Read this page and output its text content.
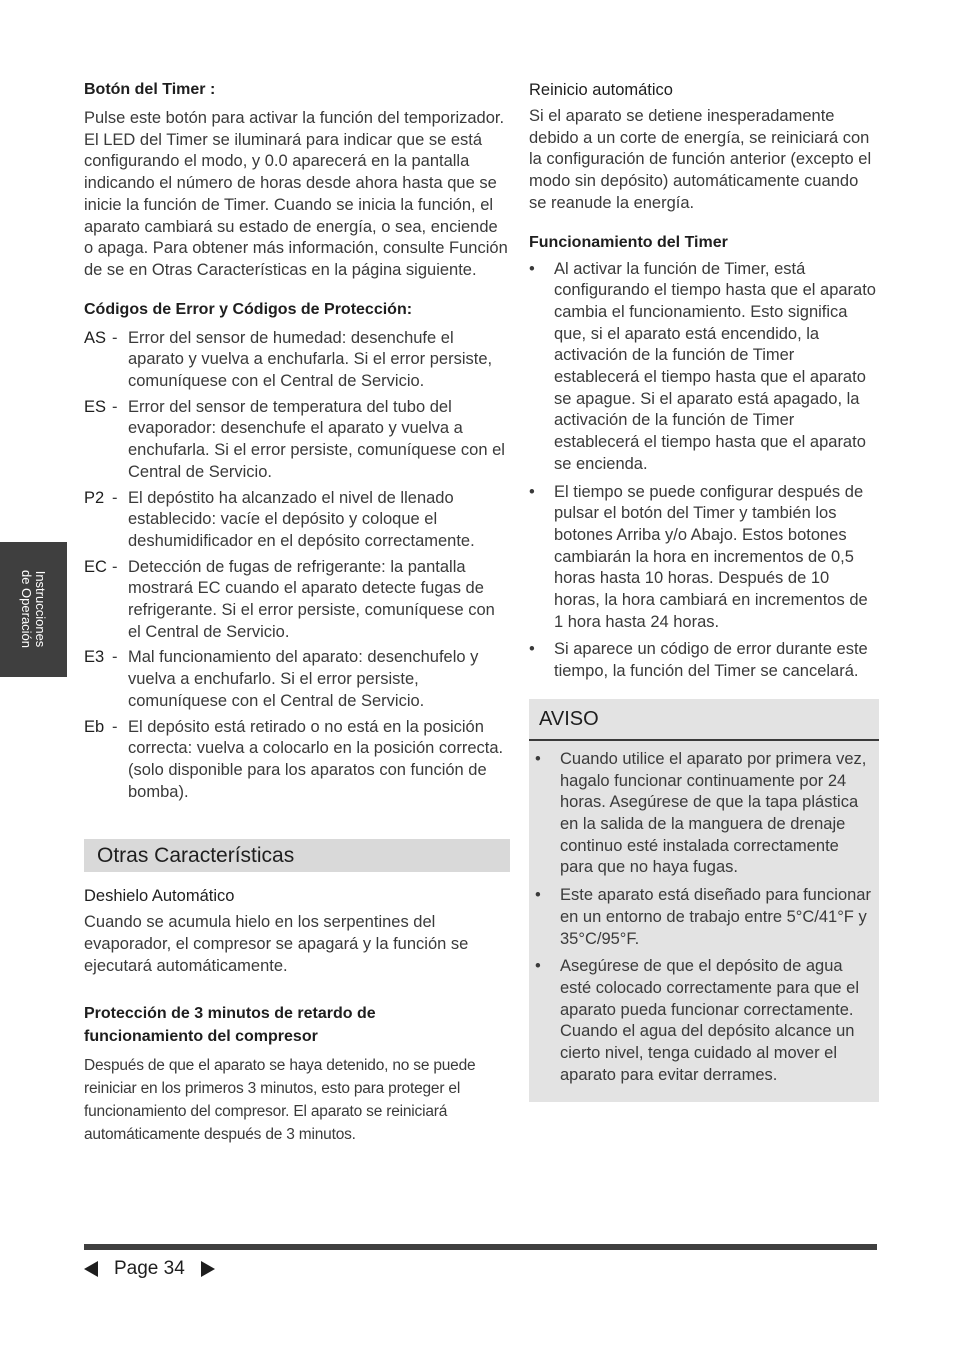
Instrucciones
de Operación
Botón del Timer :

Pulse este botón para activar la función del temporizador. El LED del Timer se iluminará para indicar que se está configurando el modo, y 0.0 aparecerá en la pantalla indicando el número de horas desde ahora hasta que se inicie la función de Timer. Cuando se inicia la función, el aparato cambiará su estado de energía, o sea, enciende o apaga. Para obtener más información, consulte Función de se en Otras Características en la página siguiente.

Códigos de Error y Códigos de Protección:
AS - Error del sensor de humedad: desenchufe el aparato y vuelva a enchufarla. Si el error persiste, comuníquese con el Central de Servicio.
ES - Error del sensor de temperatura del tubo del evaporador: desenchufe el aparato y vuelva a enchufarla. Si el error persiste, comuníquese con el Central de Servicio.
P2 - El depóstito ha alcanzado el nivel de llenado establecido: vacíe el depósito y coloque el deshumidificador en el depósito correctamente.
EC - Detección de fugas de refrigerante: la pantalla mostrará EC cuando el aparato detecte fugas de refrigerante. Si el error persiste, comuníquese con el Central de Servicio.
E3 - Mal funcionamiento del aparato: desenchufelo y vuelva a enchufarlo. Si el error persiste, comuníquese con el Central de Servicio.
Eb - El depósito está retirado o no está en la posición correcta: vuelva a colocarlo en la posición correcta. (solo disponible para los aparatos con función de bomba).
Otras Características
Deshielo Automático

Cuando se acumula hielo en los serpentines del evaporador, el compresor se apagará y la función se ejecutará automáticamente.

Protección de 3 minutos de retardo de
funcionamiento del compresor

Después de que el aparato se haya detenido, no se puede reiniciar en los primeros 3 minutos, esto para proteger el funcionamiento del compresor. El aparato se reiniciará automáticamente después de 3 minutos.

Reinicio automático

Si el aparato se detiene inesperadamente debido a un corte de energía, se reiniciará con la configuración de función anterior (excepto el modo sin depósito) automáticamente cuando se reanude la energía.

Funcionamiento del Timer
• Al activar la función de Timer, está configurando el tiempo hasta que el aparato cambia el funcionamiento. Esto significa que, si el aparato está encendido, la activación de la función de Timer establecerá el tiempo hasta que el aparato se apague. Si el aparato está apagado, la activación de la función de Timer establecerá el tiempo hasta que el aparato se encienda.
• El tiempo se puede configurar después de pulsar el botón del Timer y también los botones Arriba y/o Abajo. Estos botones cambiarán la hora en incrementos de 0,5 horas hasta 10 horas. Después de 10 horas, la hora cambiará en incrementos de 1 hora hasta 24 horas.
• Si aparece un código de error durante este tiempo, la función del Timer se cancelará.
AVISO
• Cuando utilice el aparato por primera vez, hagalo funcionar continuamente por 24 horas. Asegúrese de que la tapa plástica en la salida de la manguera de drenaje continuo esté instalada correctamente para que no haya fugas.
• Este aparato está diseñado para funcionar en un entorno de trabajo entre 5°C/41°F y 35°C/95°F.
• Asegúrese de que el depósito de agua esté colocado correctamente para que el aparato pueda funcionar correctamente. Cuando el agua del depósito alcance un cierto nivel, tenga cuidado al mover el aparato para evitar derrames.
Page 34
